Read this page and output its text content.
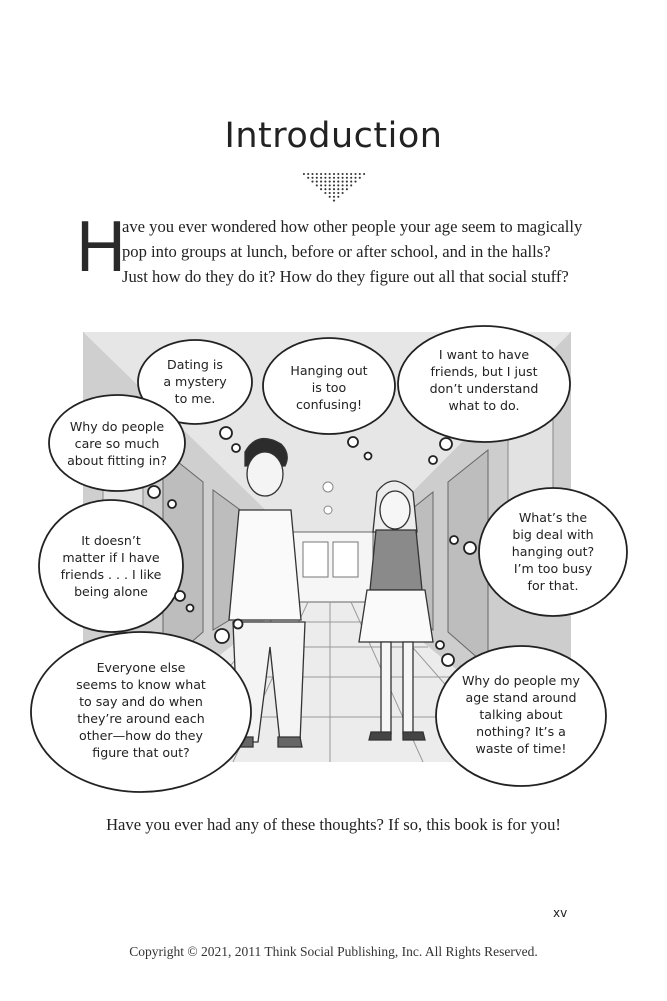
Introduction
H
ave you ever wondered how other people your age seem to magically
pop into groups at lunch, before or after school, and in the halls?
Just how do they do it? How do they figure out all that social stuff?
Dating is
a mystery
to me.
Hanging out
is too
confusing!
I want to have
friends, but I just
don’t understand
what to do.
Why do people
care so much
about fitting in?
What’s the
big deal with
hanging out?
I’m too busy
for that.
It doesn’t
matter if I have
friends . . . I like
being alone
Everyone else
seems to know what
to say and do when
they’re around each
other—how do they
figure that out?
Why do people my
age stand around
talking about
nothing? It’s a
waste of time!
Have you ever had any of these thoughts? If so, this book is for you!
xv
Copyright © 2021, 2011 Think Social Publishing, Inc. All Rights Reserved.
